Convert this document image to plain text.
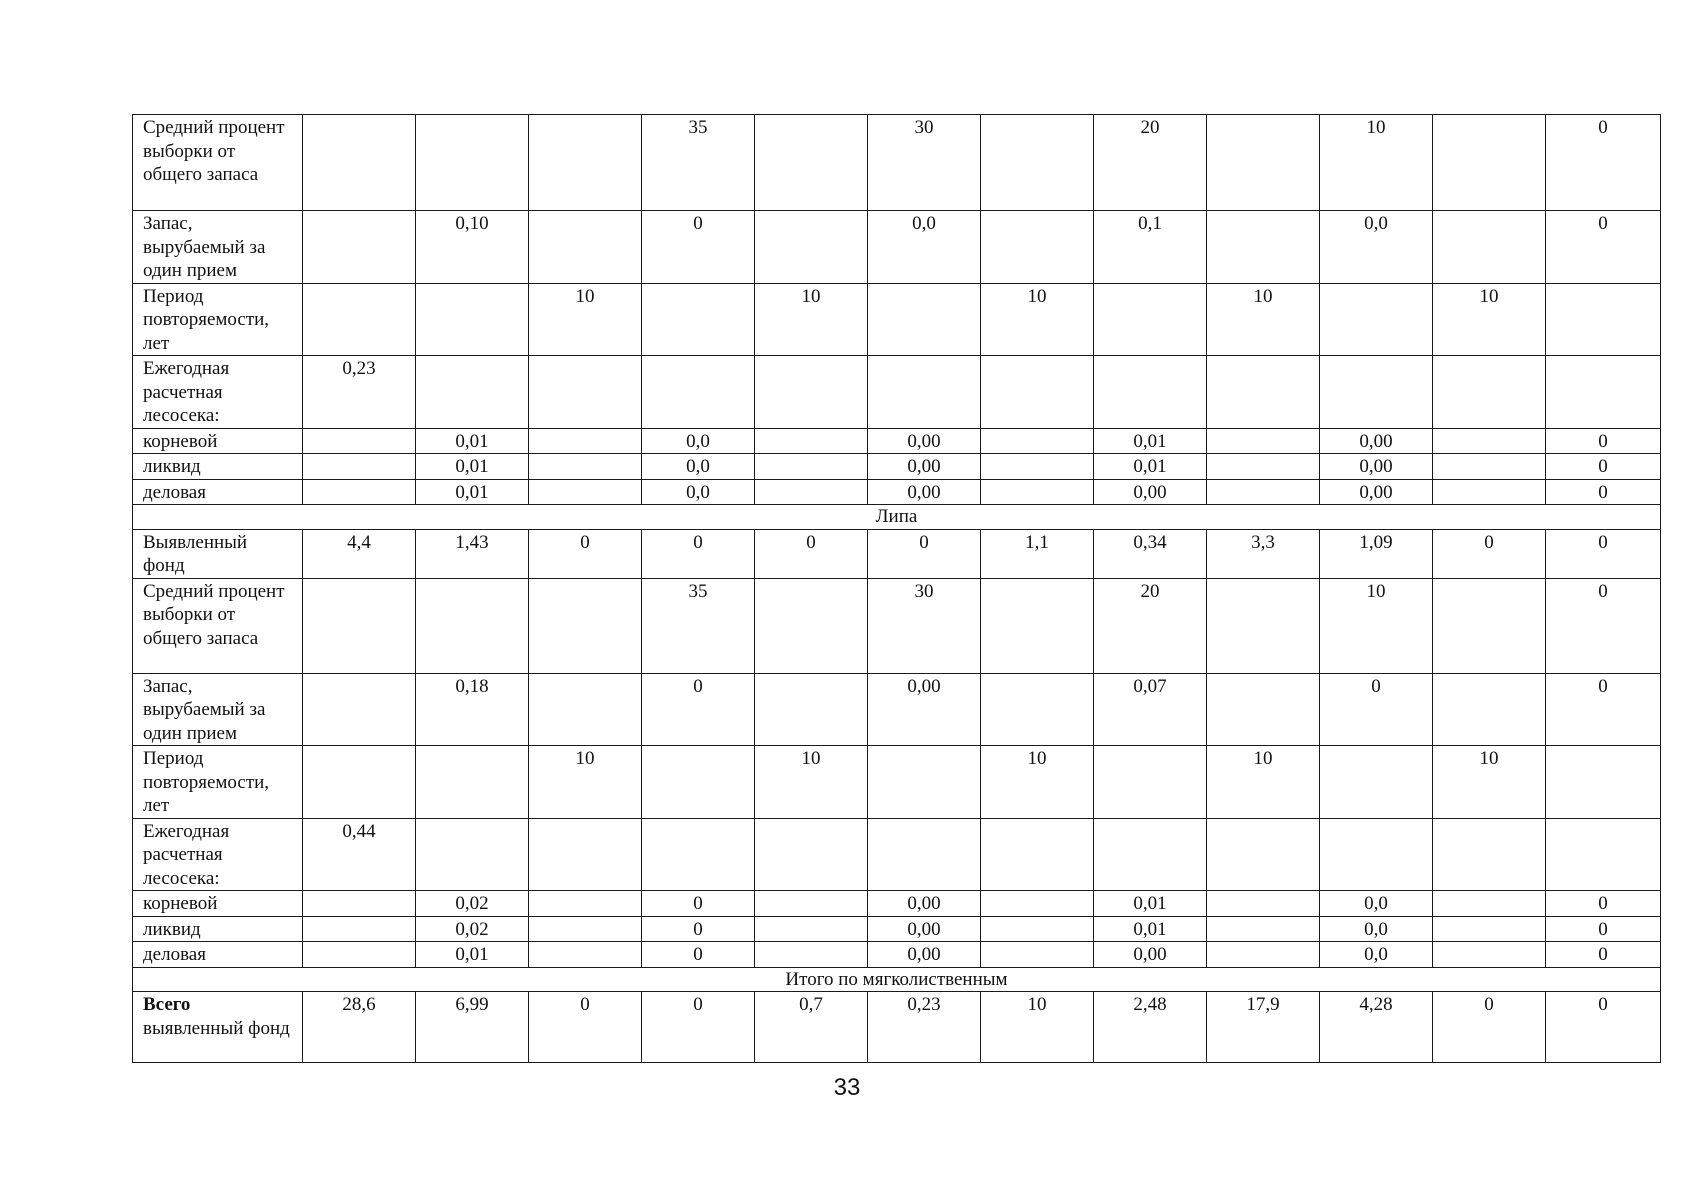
Средний процент выборки от общего запаса				35		30		20		10		0
Запас, вырубаемый за один прием		0,10		0		0,0		0,1		0,0		0
Период повторяемости, лет			10		10		10		10		10	
Ежегодная расчетная лесосека:	0,23											
корневой		0,01		0,0		0,00		0,01		0,00		0
ликвид		0,01		0,0		0,00		0,01		0,00		0
деловая		0,01		0,0		0,00		0,00		0,00		0
Липа												
Выявленный фонд	4,4	1,43	0	0	0	0	1,1	0,34	3,3	1,09	0	0
Средний процент выборки от общего запаса				35		30		20		10		0
Запас, вырубаемый за один прием		0,18		0		0,00		0,07		0		0
Период повторяемости, лет			10		10		10		10		10	
Ежегодная расчетная лесосека:	0,44											
корневой		0,02		0		0,00		0,01		0,0		0
ликвид		0,02		0		0,00		0,01		0,0		0
деловая		0,01		0		0,00		0,00		0,0		0
Итого по мягколиственным												
Всего выявленный фонд	28,6	6,99	0	0	0,7	0,23	10	2,48	17,9	4,28	0	0
33
